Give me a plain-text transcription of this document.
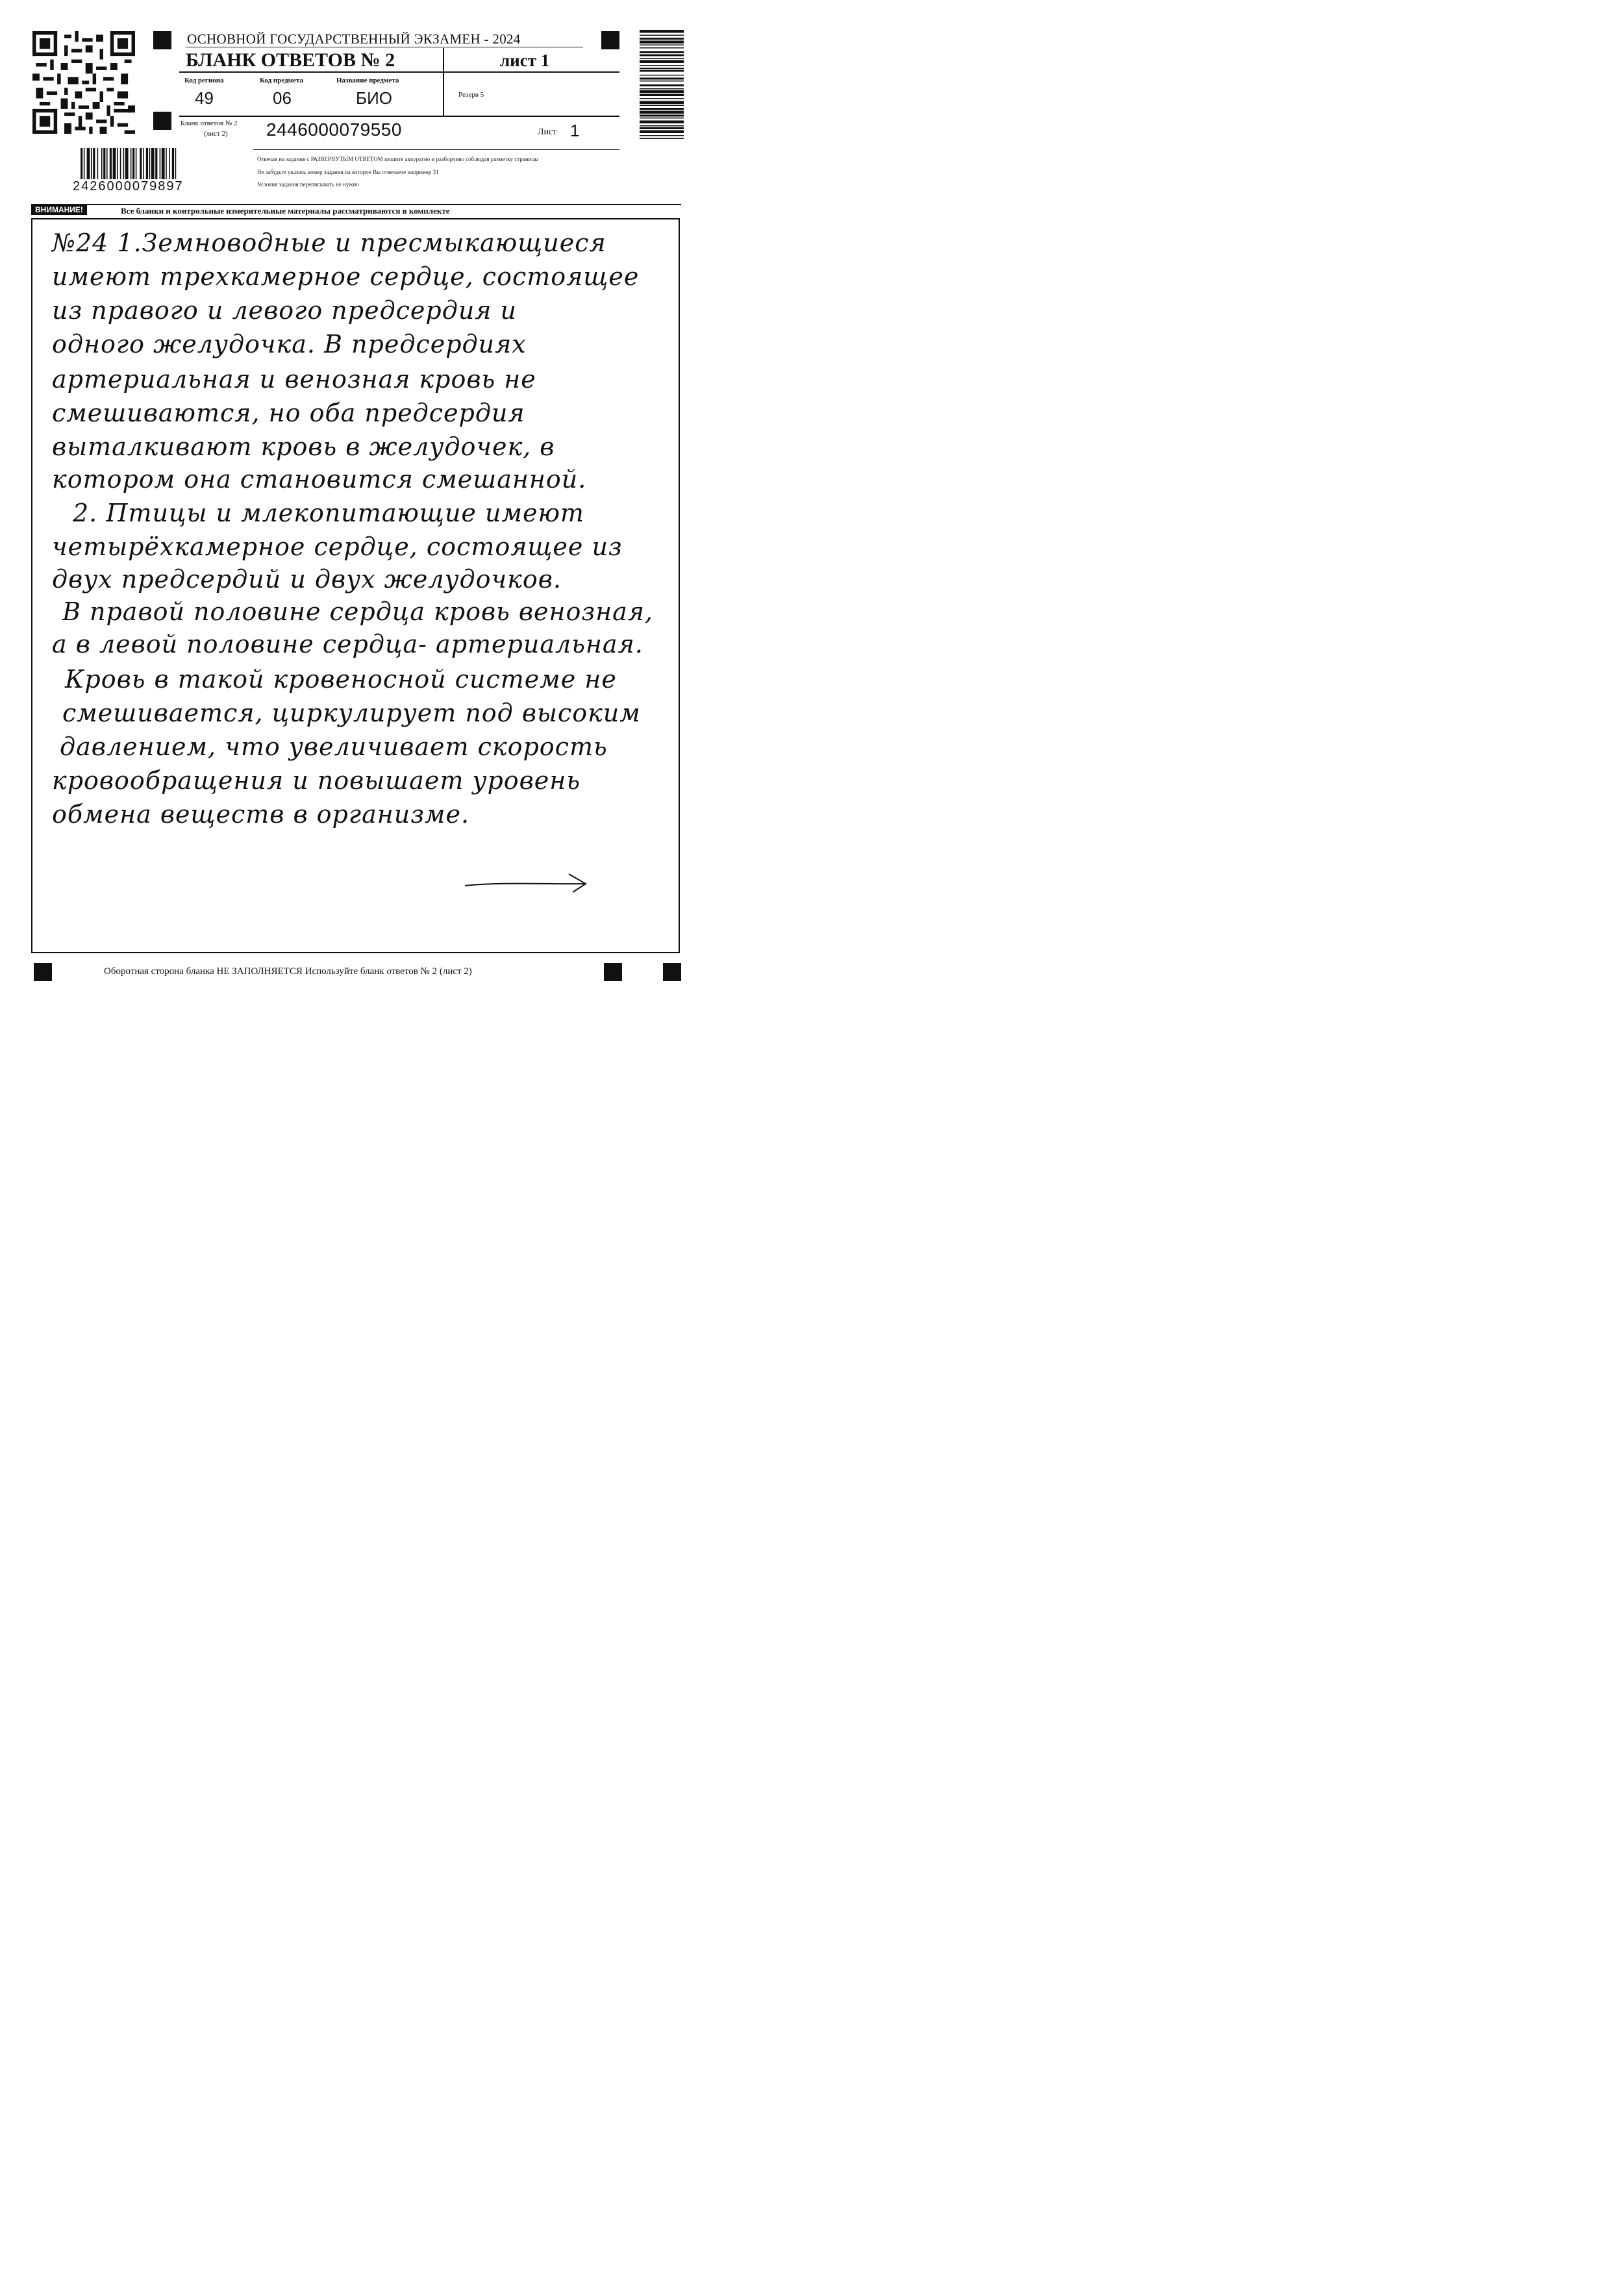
ОСНОВНОЙ ГОСУДАРСТВЕННЫЙ ЭКЗАМЕН - 2024
БЛАНК ОТВЕТОВ № 2	лист 1
Код региона
49
Код предмета
06
Название предмета
БИО	Резерв 5
Бланк ответов № 2
(лист 2) 2446000079550	Лист 1
Отвечая на задания с РАЗВЕРНУТЫМ ОТВЕТОМ пишите аккуратно и разборчиво соблюдая разметку страницы
Не забудьте указать номер задания на которое Вы отвечаете например 31
Условия задания переписывать не нужно
2426000079897
ВНИМАНИЕ!	Все бланки и контрольные измерительные материалы рассматриваются в комплекте
№24 1.Земноводные и пресмыкающиеся
имеют трехкамерное сердце, состоящее
из правого и левого предсердия и
одного желудочка. В предсердиях
артериальная и венозная кровь не
смешиваются, но оба предсердия
выталкивают кровь в желудочек, в
котором она становится смешанной.
2. Птицы и млекопитающие имеют
четырёхкамерное сердце, состоящее из
двух предсердий и двух желудочков.
В правой половине сердца кровь венозная,
а в левой половине сердца- артериальная.
Кровь в такой кровеносной системе не
смешивается, циркулирует под высоким
давлением, что увеличивает скорость
кровообращения и повышает уровень
обмена веществ в организме.
Оборотная сторона бланка НЕ ЗАПОЛНЯЕТСЯ Используйте бланк ответов № 2 (лист 2)
